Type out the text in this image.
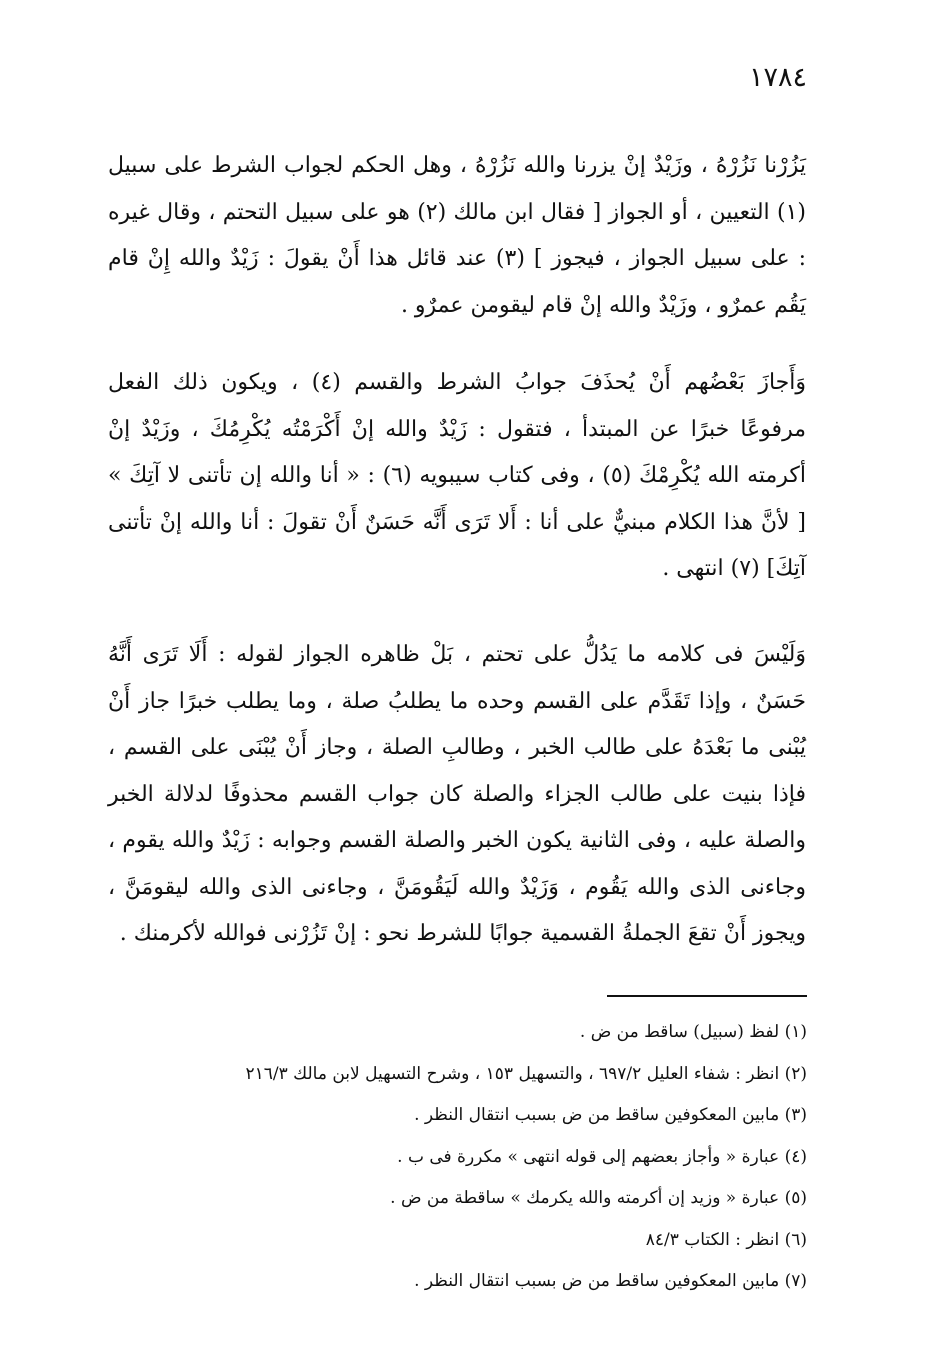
١٧٨٤

يَزُرْنا نَزُرْهُ ، وزَيْدٌ إنْ يزرنا والله نَزُرْهُ ، وهل الحكم لجواب الشرط على سبيل (١) التعيين ، أو الجواز [ فقال ابن مالك (٢) هو على سبيل التحتم ، وقال غيره : على سبيل الجواز ، فيجوز ] (٣) عند قائل هذا أَنْ يقولَ : زَيْدٌ والله إِنْ قام يَقُم عمرٌو ، وزَيْدٌ والله إنْ قام ليقومن عمرٌو .

وَأَجازَ بَعْضُهم أَنْ يُحذَفَ جوابُ الشرط والقسم (٤) ، ويكون ذلك الفعل مرفوعًا خبرًا عن المبتدأ ، فتقول : زَيْدٌ والله إنْ أَكْرَمْتُه يُكْرِمُكَ ، وزَيْدٌ إنْ أكرمته الله يُكْرِمْكَ (٥) ، وفى كتاب سيبويه (٦) : « أنا والله إن تأتنى لا آتِكَ » [ لأنَّ هذا الكلام مبنيٌّ على أنا : أَلا تَرَى أَنَّه حَسَنٌ أَنْ تقولَ : أنا والله إنْ تأتنى آتِكَ] (٧) انتهى .

وَلَيْسَ فى كلامه ما يَدُلُّ على تحتم ، بَلْ ظاهره الجواز لقوله : أَلَا تَرَى أَنَّهُ حَسَنٌ ، وإذا تَقَدَّم على القسم وحده ما يطلبُ صلة ، وما يطلب خبرًا جاز أَنْ يُبْنى ما بَعْدَهُ على طالب الخبر ، وطالبِ الصلة ، وجاز أَنْ يُبْنَى على القسم ، فإذا بنيت على طالب الجزاء والصلة كان جواب القسم محذوفًا لدلالة الخبر والصلة عليه ، وفى الثانية يكون الخبر والصلة القسم وجوابه : زَيْدٌ والله يقوم ، وجاءنى الذى والله يَقُوم ، وَزَيْدٌ والله لَيَقُومَنَّ ، وجاءنى الذى والله ليقومَنَّ ، ويجوز أَنْ تقعَ الجملةُ القسمية جوابًا للشرط نحو : إنْ تَزُرْنى فوالله لأكرمنك .

(١) لفظ (سبيل) ساقط من ض .
(٢) انظر : شفاء العليل ٦٩٧/٢ ، والتسهيل ١٥٣ ، وشرح التسهيل لابن مالك ٢١٦/٣
(٣) مابين المعكوفين ساقط من ض بسبب انتقال النظر .
(٤) عبارة « وأجاز بعضهم إلى قوله انتهى » مكررة فى ب .
(٥) عبارة « وزيد إن أكرمته والله يكرمك » ساقطة من ض .
(٦) انظر : الكتاب ٨٤/٣
(٧) مابين المعكوفين ساقط من ض بسبب انتقال النظر .
